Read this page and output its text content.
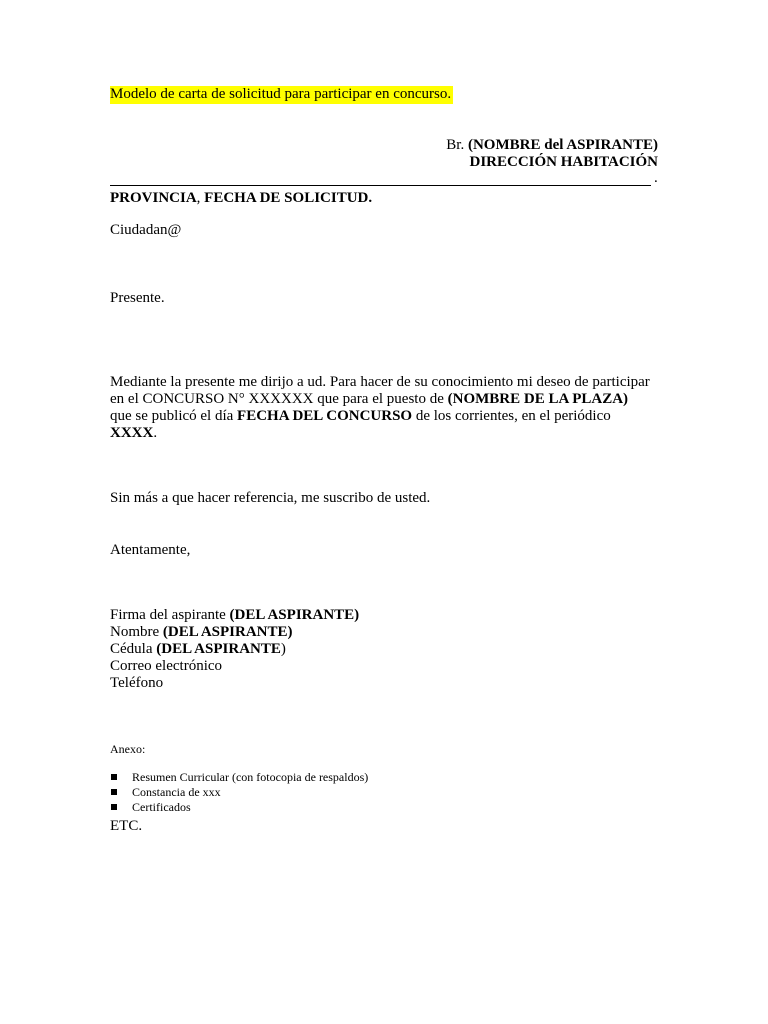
Modelo de carta de solicitud para participar en concurso.
Br. (NOMBRE del ASPIRANTE)
DIRECCIÓN HABITACIÓN
.
PROVINCIA, FECHA DE SOLICITUD.
Ciudadan@
Presente.
Mediante la presente me dirijo a ud. Para hacer de su conocimiento mi deseo de participar en el CONCURSO N° XXXXXX que para el puesto de (NOMBRE DE LA PLAZA) que se publicó el día FECHA DEL CONCURSO de los corrientes, en el periódico XXXX.
Sin más a que hacer referencia, me suscribo de usted.
Atentamente,
Firma del aspirante (DEL ASPIRANTE)
Nombre (DEL ASPIRANTE)
Cédula (DEL ASPIRANTE)
Correo electrónico
Teléfono
Anexo:
Resumen Curricular (con fotocopia de respaldos)
Constancia de xxx
Certificados
ETC.
